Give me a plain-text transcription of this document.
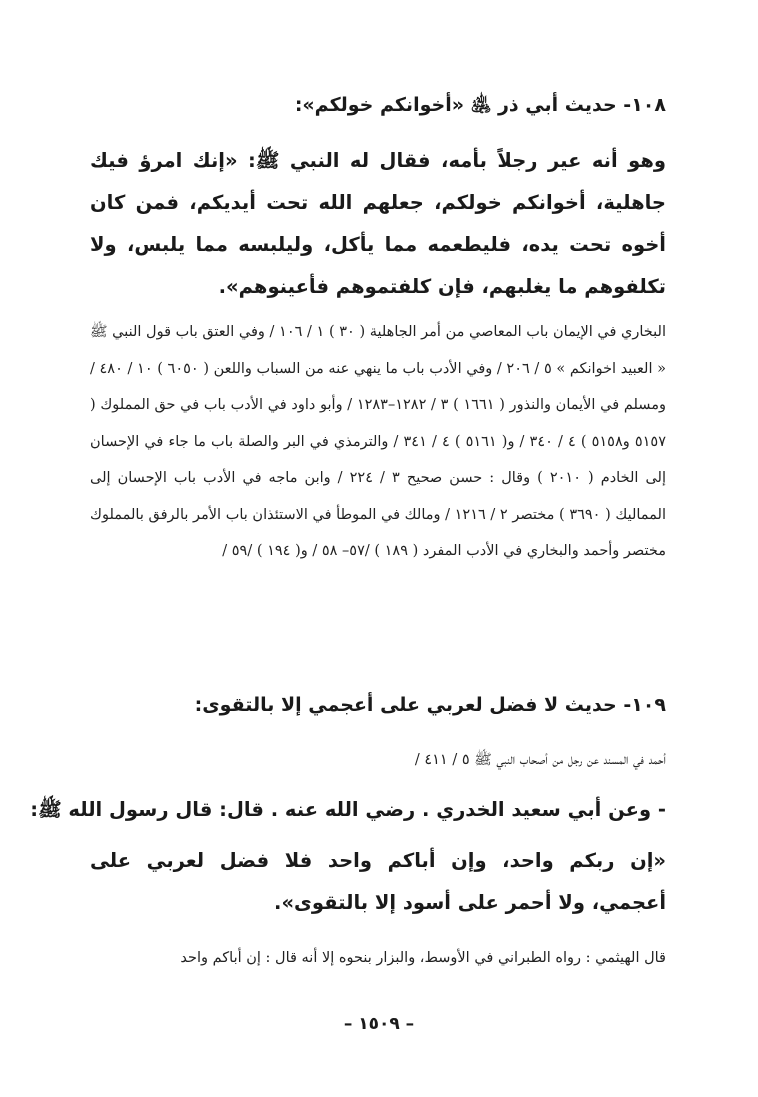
١٠٨- حديث أبي ذر ﵁ «أخوانكم خولكم»:
وهو أنه عير رجلاً بأمه، فقال له النبي ﷺ: «إنك امرؤ فيك جاهلية، أخوانكم خولكم، جعلهم الله تحت أيديكم، فمن كان أخوه تحت يده، فليطعمه مما يأكل، وليلبسه مما يلبس، ولا تكلفوهم ما يغلبهم، فإن كلفتموهم فأعينوهم».
البخاري في الإيمان باب المعاصي من أمر الجاهلية ( ٣٠ ) ١ / ١٠٦ / وفي العتق باب قول النبي ﷺ « العبيد اخوانكم » ٥ / ٢٠٦ / وفي الأدب باب ما ينهي عنه من السباب واللعن ( ٦٠٥٠ ) ١٠ / ٤٨٠ / ومسلم في الأيمان والنذور ( ١٦٦١ ) ٣ / ١٢٨٢–١٢٨٣ / وأبو داود في الأدب باب في حق المملوك ( ٥١٥٧ و٥١٥٨ ) ٤ / ٣٤٠ / و( ٥١٦١ ) ٤ / ٣٤١ / والترمذي في البر والصلة باب ما جاء في الإحسان إلى الخادم ( ٢٠١٠ ) وقال : حسن صحيح ٣ / ٢٢٤ / وابن ماجه في الأدب باب الإحسان إلى المماليك ( ٣٦٩٠ ) مختصر ٢ / ١٢١٦ / ومالك في الموطأ في الاستئذان باب الأمر بالرفق بالمملوك مختصر وأحمد والبخاري في الأدب المفرد ( ١٨٩ ) /٥٧– ٥٨ / و( ١٩٤ ) /٥٩ /
١٠٩- حديث لا فضل لعربي على أعجمي إلا بالتقوى:
أحمد في المسند عن رجل من أصحاب النبي ﷺ ٥ / ٤١١ /
- وعن أبي سعيد الخدري . رضي الله عنه . قال: قال رسول الله ﷺ:
«إن ربكم واحد، وإن أباكم واحد فلا فضل لعربي على أعجمي، ولا أحمر على أسود إلا بالتقوى».
قال الهيثمي : رواه الطبراني في الأوسط، والبزار بنحوه إلا أنه قال : إن أباكم واحد
– ١٥٠٩ –
